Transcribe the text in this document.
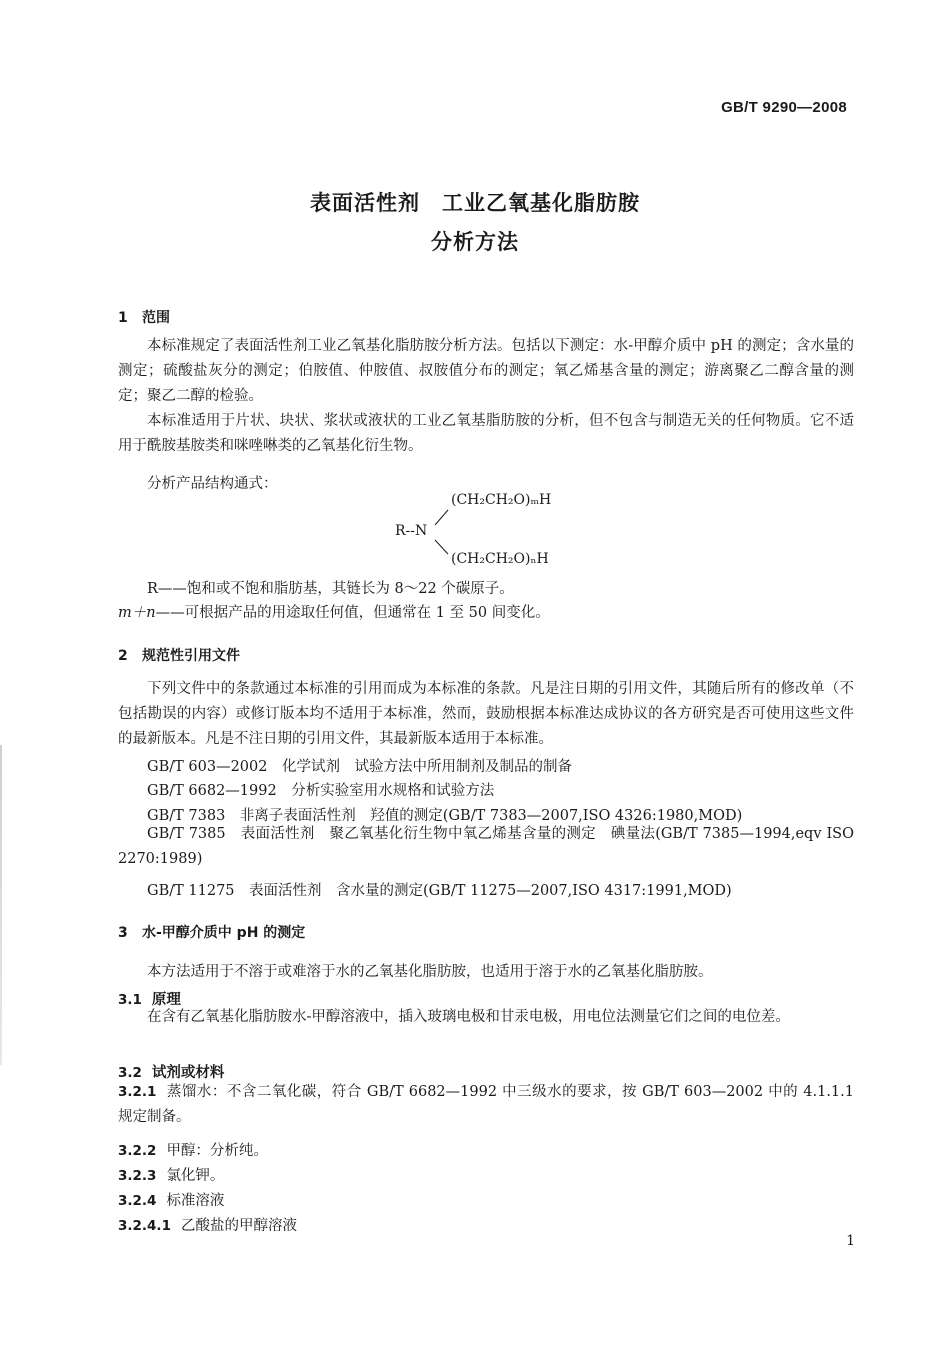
GB/T 9290—2008
表面活性剂　工业乙氧基化脂肪胺
分析方法
1 范围
本标准规定了表面活性剂工业乙氧基化脂肪胺分析方法。包括以下测定：水-甲醇介质中 pH 的测定；含水量的测定；硫酸盐灰分的测定；伯胺值、仲胺值、叔胺值分布的测定；氧乙烯基含量的测定；游离聚乙二醇含量的测定；聚乙二醇的检验。
本标准适用于片状、块状、浆状或液状的工业乙氧基脂肪胺的分析，但不包含与制造无关的任何物质。它不适用于酰胺基胺类和咪唑啉类的乙氧基化衍生物。
分析产品结构通式：
(CH₂CH₂O)ₘH
R--N
(CH₂CH₂O)ₙH
R——饱和或不饱和脂肪基，其链长为 8～22 个碳原子。
m＋n——可根据产品的用途取任何值，但通常在 1 至 50 间变化。
2 规范性引用文件
下列文件中的条款通过本标准的引用而成为本标准的条款。凡是注日期的引用文件，其随后所有的修改单（不包括勘误的内容）或修订版本均不适用于本标准，然而，鼓励根据本标准达成协议的各方研究是否可使用这些文件的最新版本。凡是不注日期的引用文件，其最新版本适用于本标准。
GB/T 603—2002　化学试剂　试验方法中所用制剂及制品的制备
GB/T 6682—1992　分析实验室用水规格和试验方法
GB/T 7383　非离子表面活性剂　羟值的测定(GB/T 7383—2007,ISO 4326:1980,MOD)
GB/T 7385　表面活性剂　聚乙氧基化衍生物中氧乙烯基含量的测定　碘量法(GB/T 7385—1994,eqv ISO 2270:1989)
GB/T 11275　表面活性剂　含水量的测定(GB/T 11275—2007,ISO 4317:1991,MOD)
3 水-甲醇介质中 pH 的测定
本方法适用于不溶于或难溶于水的乙氧基化脂肪胺，也适用于溶于水的乙氧基化脂肪胺。
3.1 原理
在含有乙氧基化脂肪胺水-甲醇溶液中，插入玻璃电极和甘汞电极，用电位法测量它们之间的电位差。
3.2 试剂或材料
3.2.1 蒸馏水：不含二氧化碳，符合 GB/T 6682—1992 中三级水的要求，按 GB/T 603—2002 中的 4.1.1.1 规定制备。
3.2.2 甲醇：分析纯。
3.2.3 氯化钾。
3.2.4 标准溶液
3.2.4.1 乙酸盐的甲醇溶液
1
